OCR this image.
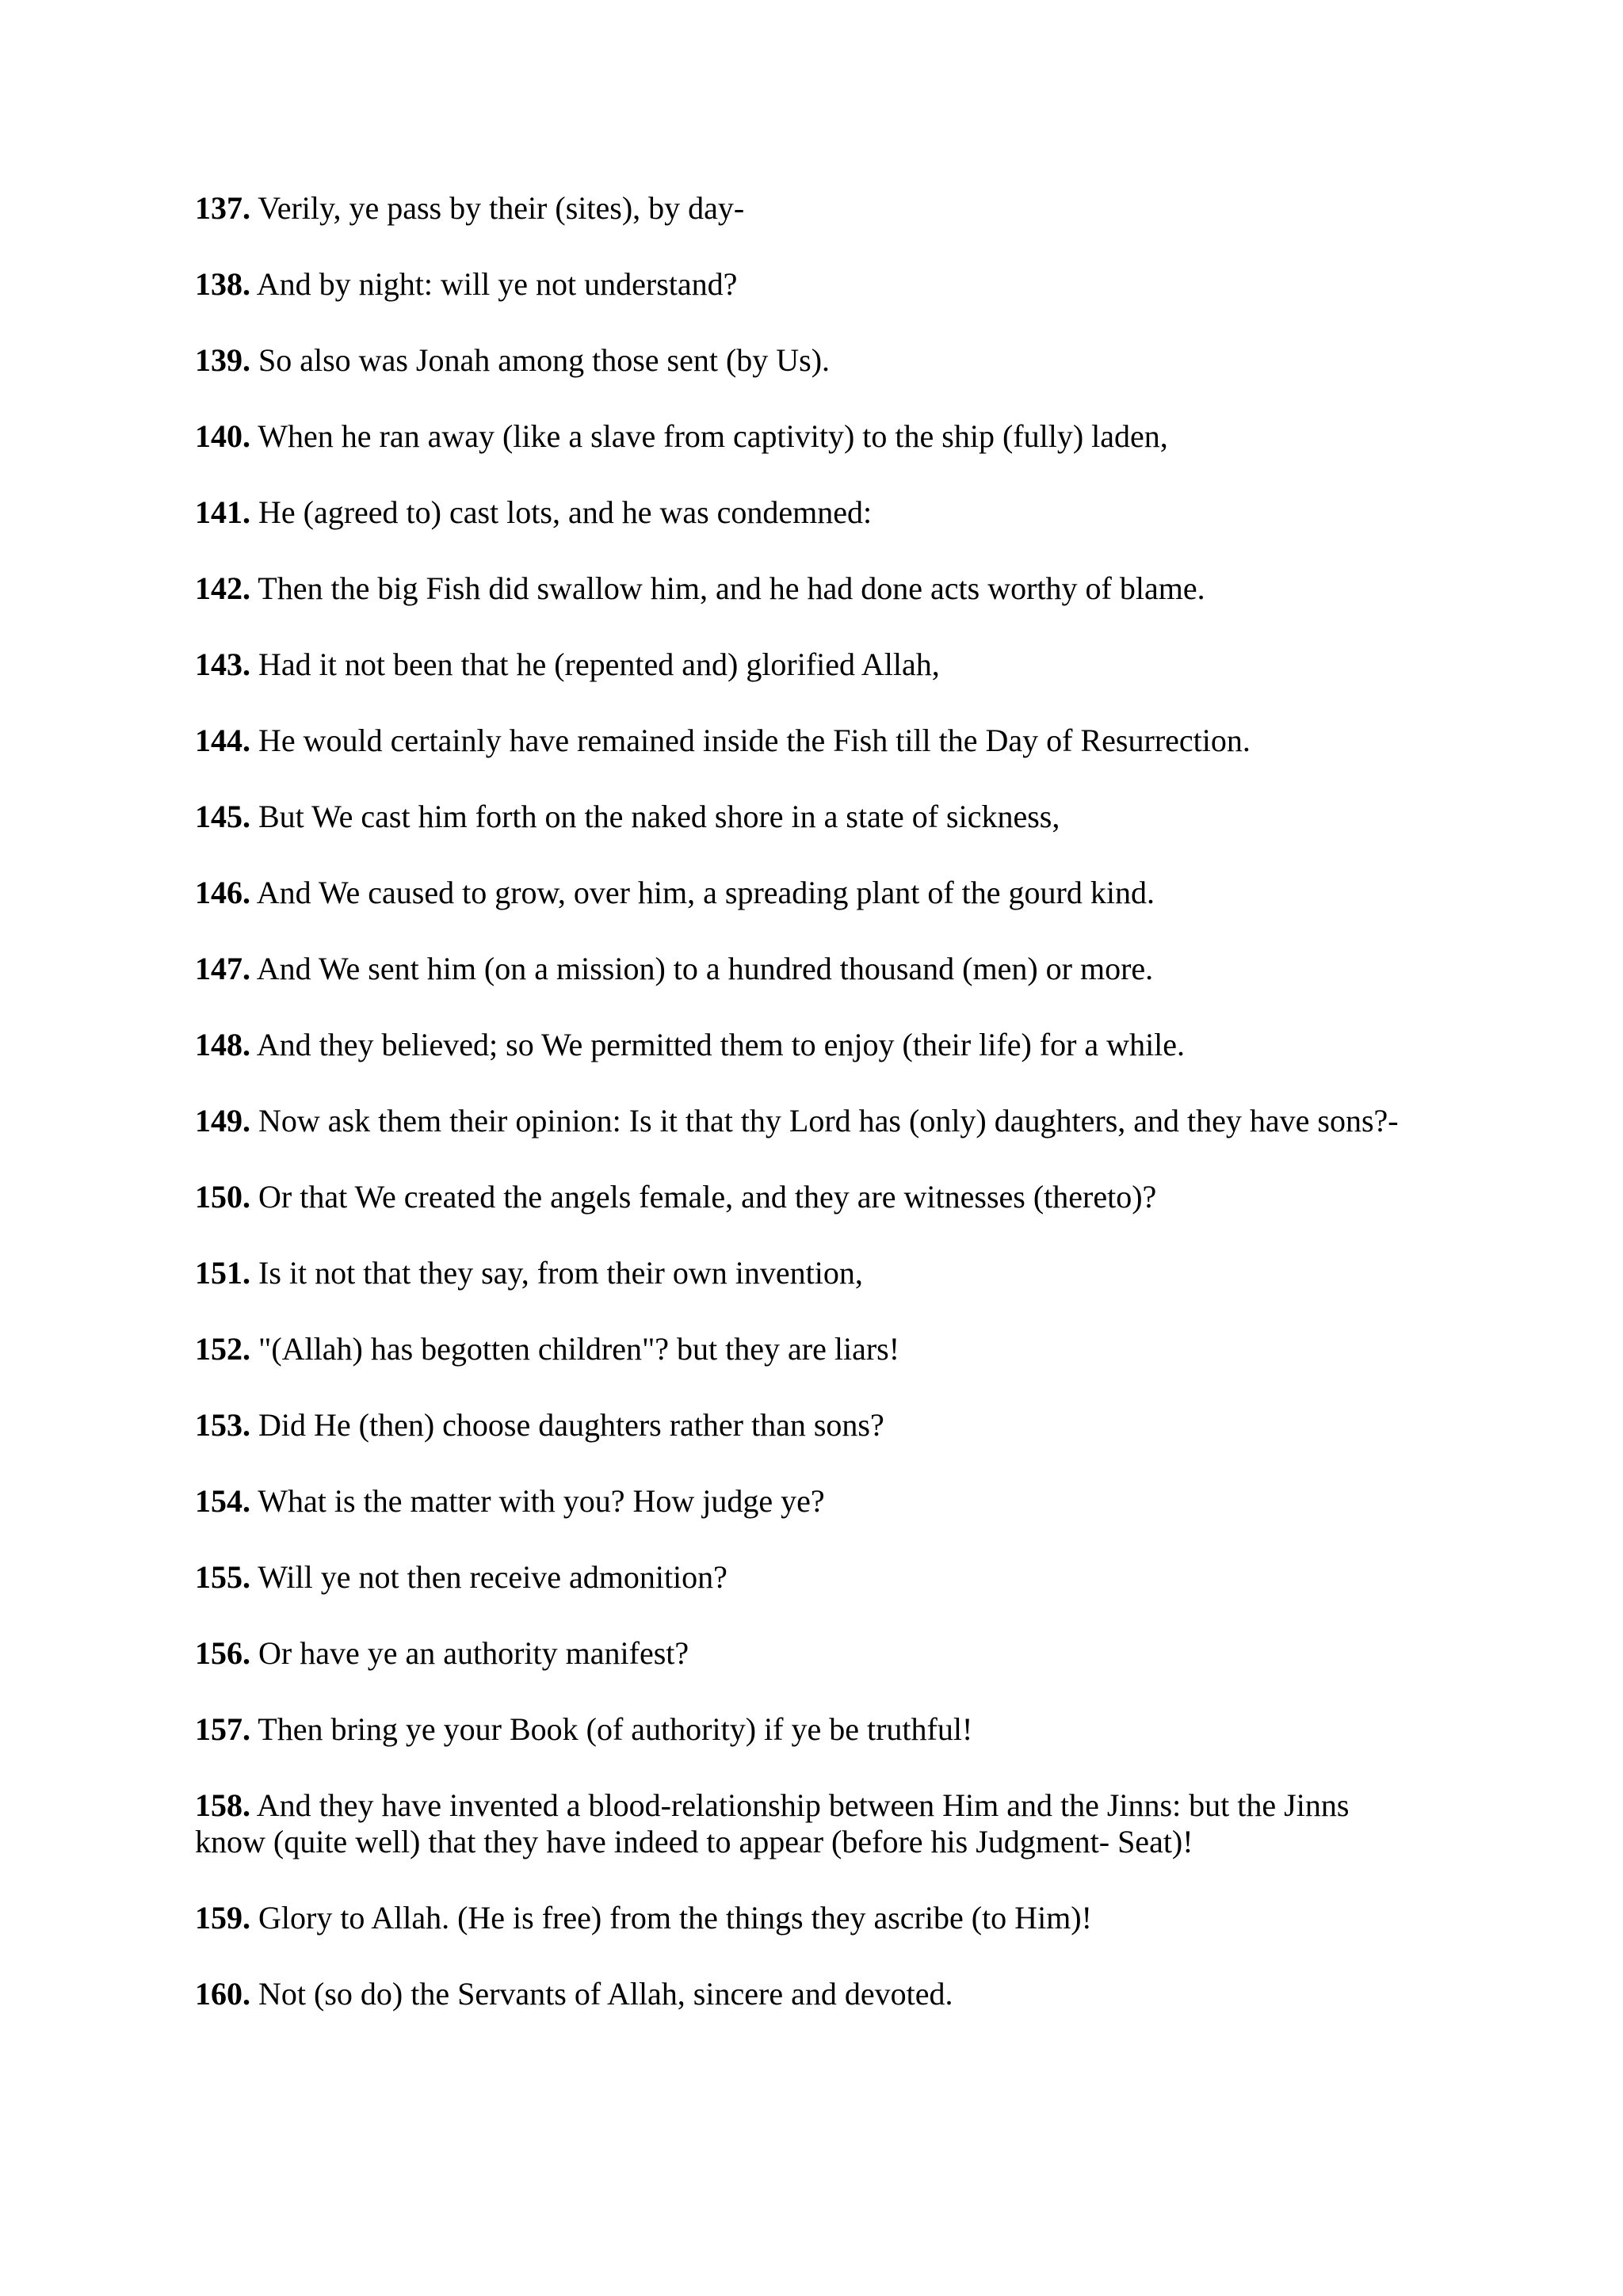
137. Verily, ye pass by their (sites), by day-

138. And by night: will ye not understand?

139. So also was Jonah among those sent (by Us).

140. When he ran away (like a slave from captivity) to the ship (fully) laden,

141. He (agreed to) cast lots, and he was condemned:

142. Then the big Fish did swallow him, and he had done acts worthy of blame.

143. Had it not been that he (repented and) glorified Allah,

144. He would certainly have remained inside the Fish till the Day of Resurrection.

145. But We cast him forth on the naked shore in a state of sickness,

146. And We caused to grow, over him, a spreading plant of the gourd kind.

147. And We sent him (on a mission) to a hundred thousand (men) or more.

148. And they believed; so We permitted them to enjoy (their life) for a while.

149. Now ask them their opinion: Is it that thy Lord has (only) daughters, and they have sons?-

150. Or that We created the angels female, and they are witnesses (thereto)?

151. Is it not that they say, from their own invention,

152. "(Allah) has begotten children"? but they are liars!

153. Did He (then) choose daughters rather than sons?

154. What is the matter with you? How judge ye?

155. Will ye not then receive admonition?

156. Or have ye an authority manifest?

157. Then bring ye your Book (of authority) if ye be truthful!

158. And they have invented a blood-relationship between Him and the Jinns: but the Jinns know (quite well) that they have indeed to appear (before his Judgment- Seat)!

159. Glory to Allah. (He is free) from the things they ascribe (to Him)!

160. Not (so do) the Servants of Allah, sincere and devoted.
